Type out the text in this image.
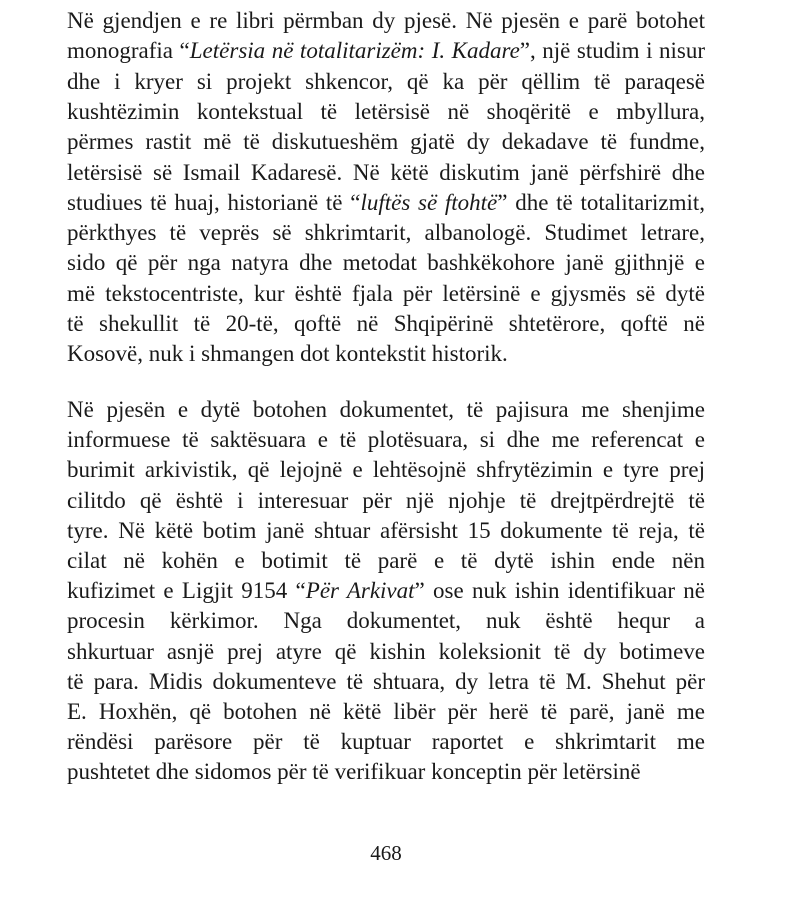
Në gjendjen e re libri përmban dy pjesë. Në pjesën e parë botohet
monografia “Letërsia në totalitarizëm: I. Kadare”, një studim i nisur
dhe i kryer si projekt shkencor, që ka për qëllim të paraqesë
kushtëzimin kontekstual të letërsisë në shoqëritë e mbyllura,
përmes rastit më të diskutueshëm gjatë dy dekadave të fundme,
letërsisë së Ismail Kadaresë. Në këtë diskutim janë përfshirë dhe
studiues të huaj, historianë të “luftës së ftohtë” dhe të totalitarizmit,
përkthyes të veprës së shkrimtarit, albanologë. Studimet letrare,
sido që për nga natyra dhe metodat bashkëkohore janë gjithnjë e
më tekstocentriste, kur është fjala për letërsinë e gjysmës së dytë
të shekullit të 20-të, qoftë në Shqipërinë shtetërore, qoftë në
Kosovë, nuk i shmangen dot kontekstit historik.
Në pjesën e dytë botohen dokumentet, të pajisura me shenjime
informuese të saktësuara e të plotësuara, si dhe me referencat e
burimit arkivistik, që lejojnë e lehtësojnë shfrytëzimin e tyre prej
cilitdo që është i interesuar për një njohje të drejtpërdrejtë të
tyre. Në këtë botim janë shtuar afërsisht 15 dokumente të reja, të
cilat në kohën e botimit të parë e të dytë ishin ende nën
kufizimet e Ligjit 9154 “Për Arkivat” ose nuk ishin identifikuar në
procesin kërkimor. Nga dokumentet, nuk është hequr a
shkurtuar asnjë prej atyre që kishin koleksionit të dy botimeve
të para. Midis dokumenteve të shtuara, dy letra të M. Shehut për
E. Hoxhën, që botohen në këtë libër për herë të parë, janë me
rëndësi parësore për të kuptuar raportet e shkrimtarit me
pushtetet dhe sidomos për të verifikuar konceptin për letërsinë
468
